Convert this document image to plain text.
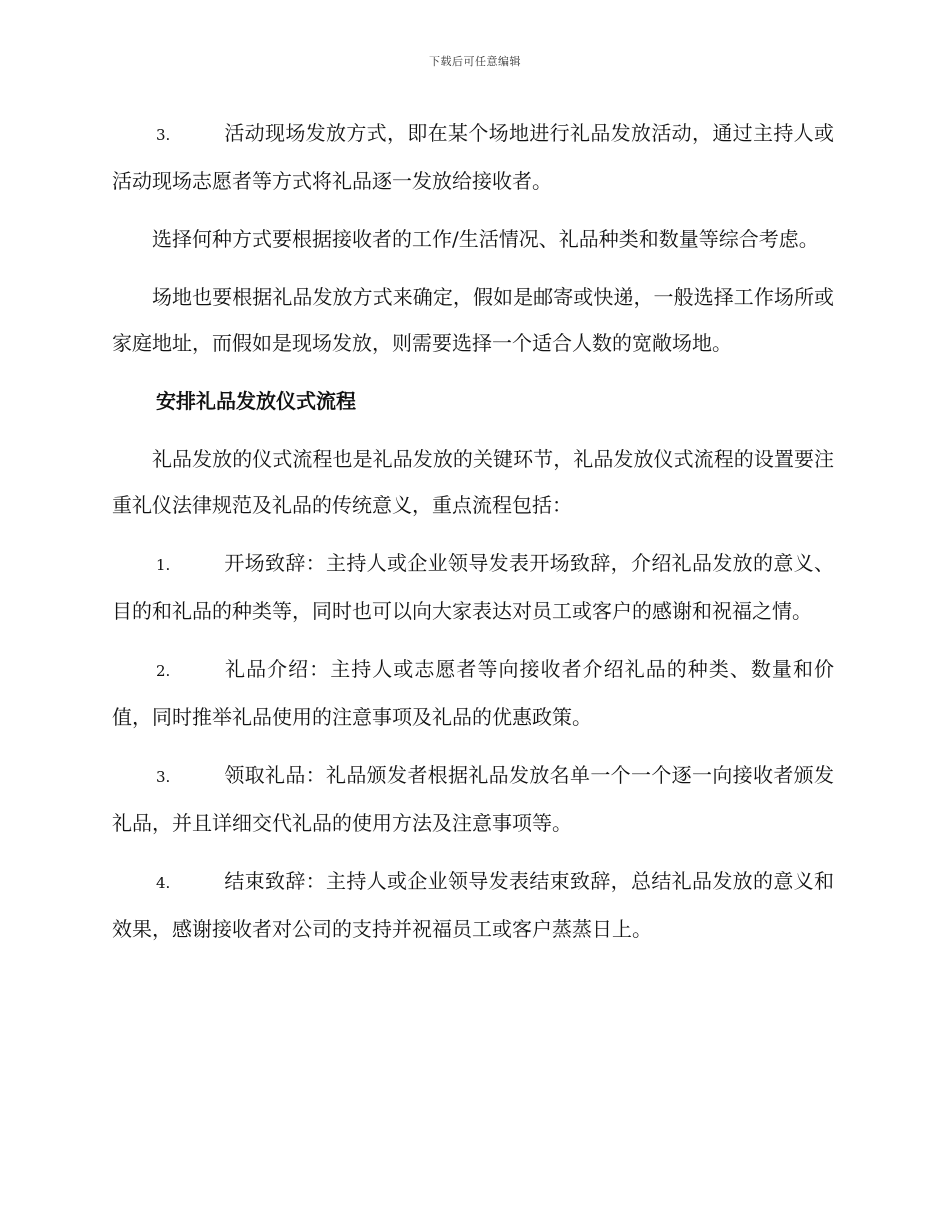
下载后可任意编辑

3.	活动现场发放方式，即在某个场地进行礼品发放活动，通过主持人或活动现场志愿者等方式将礼品逐一发放给接收者。

选择何种方式要根据接收者的工作/生活情况、礼品种类和数量等综合考虑。

场地也要根据礼品发放方式来确定，假如是邮寄或快递，一般选择工作场所或家庭地址，而假如是现场发放，则需要选择一个适合人数的宽敞场地。

安排礼品发放仪式流程

礼品发放的仪式流程也是礼品发放的关键环节，礼品发放仪式流程的设置要注重礼仪法律规范及礼品的传统意义，重点流程包括：

1.	开场致辞：主持人或企业领导发表开场致辞，介绍礼品发放的意义、目的和礼品的种类等，同时也可以向大家表达对员工或客户的感谢和祝福之情。

2.	礼品介绍：主持人或志愿者等向接收者介绍礼品的种类、数量和价值，同时推举礼品使用的注意事项及礼品的优惠政策。

3.	领取礼品：礼品颁发者根据礼品发放名单一个一个逐一向接收者颁发礼品，并且详细交代礼品的使用方法及注意事项等。

4.	结束致辞：主持人或企业领导发表结束致辞，总结礼品发放的意义和效果，感谢接收者对公司的支持并祝福员工或客户蒸蒸日上。
